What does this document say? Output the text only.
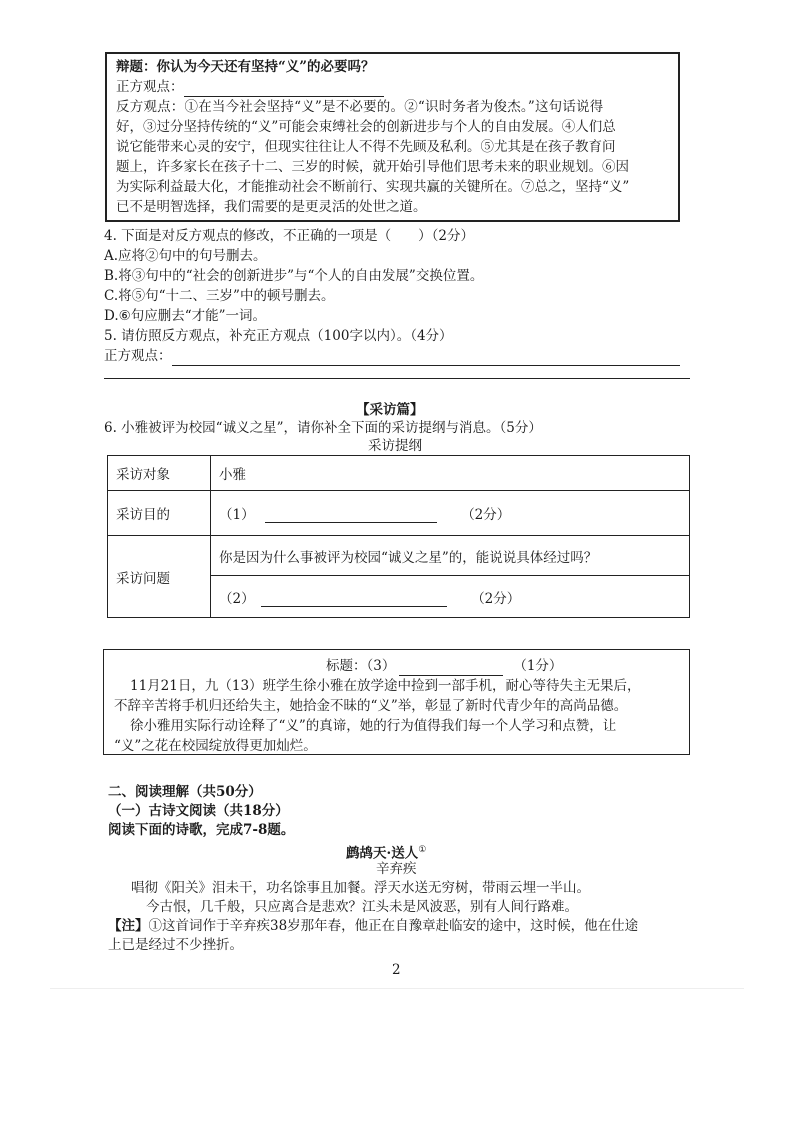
辩题：你认为今天还有坚持“义”的必要吗？
正方观点：
反方观点：①在当今社会坚持“义”是不必要的。②“识时务者为俊杰。”这句话说得
好，③过分坚持传统的“义”可能会束缚社会的创新进步与个人的自由发展。④人们总
说它能带来心灵的安宁，但现实往往让人不得不先顾及私利。⑤尤其是在孩子教育问
题上，许多家长在孩子十二、三岁的时候，就开始引导他们思考未来的职业规划。⑥因
为实际利益最大化，才能推动社会不断前行、实现共赢的关键所在。⑦总之，坚持“义”
已不是明智选择，我们需要的是更灵活的处世之道。
4. 下面是对反方观点的修改，不正确的一项是（　　）（2分）
A.应将②句中的句号删去。
B.将③句中的“社会的创新进步”与“个人的自由发展”交换位置。
C.将⑤句“十二、三岁”中的顿号删去。
D.⑥句应删去“才能”一词。
5. 请仿照反方观点，补充正方观点（100字以内）。（4分）
正方观点：
【采访篇】
6. 小雅被评为校园“诚义之星”，请你补全下面的采访提纲与消息。（5分）
采访提纲
采访对象	小雅
采访目的	（1） （2分）
采访问题	你是因为什么事被评为校园“诚义之星”的，能说说具体经过吗？
	（2） （2分）
标题：（3）	（1分）
11月21日，九（13）班学生徐小雅在放学途中捡到一部手机，耐心等待失主无果后，
不辞辛苦将手机归还给失主，她拾金不昧的“义”举，彰显了新时代青少年的高尚品德。
徐小雅用实际行动诠释了“义”的真谛，她的行为值得我们每一个人学习和点赞，让
“义”之花在校园绽放得更加灿烂。
二、阅读理解（共50分）
（一）古诗文阅读（共18分）
阅读下面的诗歌，完成7-8题。
鹧鸪天·送人①
辛弃疾
唱彻《阳关》泪未干，功名馀事且加餐。浮天水送无穷树，带雨云埋一半山。
今古恨，几千般，只应离合是悲欢？江头未是风波恶，别有人间行路难。
【注】①这首词作于辛弃疾38岁那年春，他正在自豫章赴临安的途中，这时候，他在仕途
上已是经过不少挫折。
2
